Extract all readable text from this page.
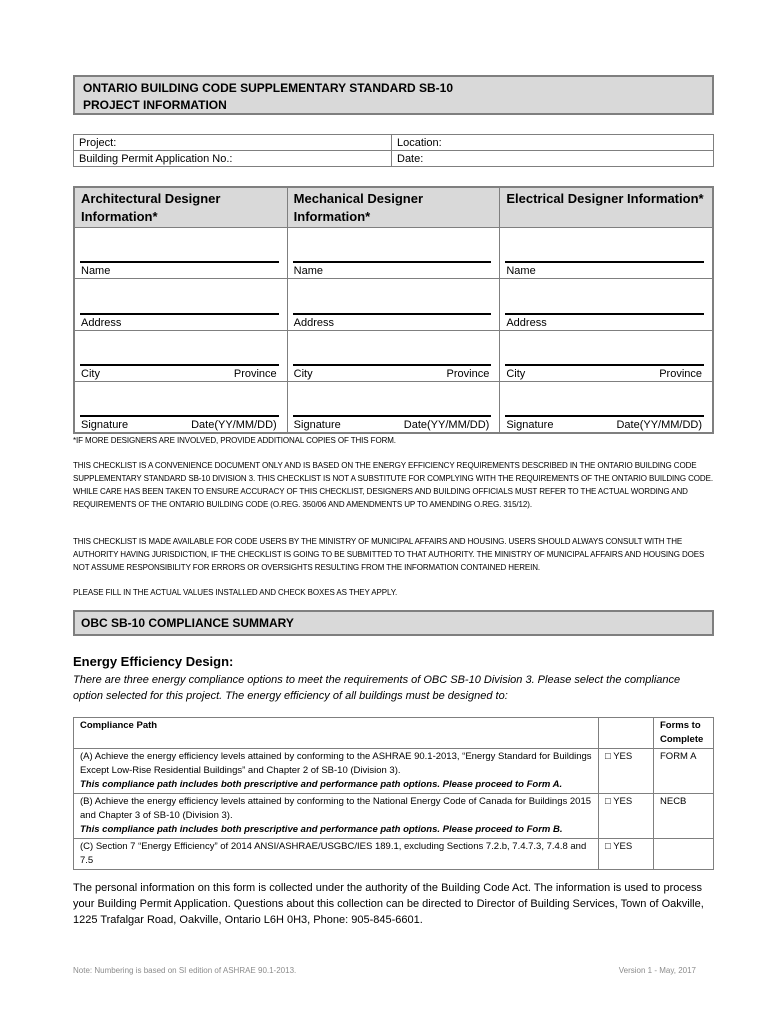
ONTARIO BUILDING CODE SUPPLEMENTARY STANDARD SB-10
PROJECT INFORMATION
Project:	Location:
Building Permit Application No.:	Date:
Architectural Designer Information*
Name
Address
City	Province
Signature	Date(YY/MM/DD)
Mechanical Designer Information*
Name
Address
City	Province
Signature	Date(YY/MM/DD)
Electrical Designer Information*
Name
Address
City	Province
Signature	Date(YY/MM/DD)
*IF MORE DESIGNERS ARE INVOLVED, PROVIDE ADDITIONAL COPIES OF THIS FORM.
THIS CHECKLIST IS A CONVENIENCE DOCUMENT ONLY AND IS BASED ON THE ENERGY EFFICIENCY REQUIREMENTS DESCRIBED IN THE ONTARIO BUILDING CODE SUPPLEMENTARY STANDARD SB-10 DIVISION 3. THIS CHECKLIST IS NOT A SUBSTITUTE FOR COMPLYING WITH THE REQUIREMENTS OF THE ONTARIO BUILDING CODE. WHILE CARE HAS BEEN TAKEN TO ENSURE ACCURACY OF THIS CHECKLIST, DESIGNERS AND BUILDING OFFICIALS MUST REFER TO THE ACTUAL WORDING AND REQUIREMENTS OF THE ONTARIO BUILDING CODE (O.REG. 350/06 AND AMENDMENTS UP TO AMENDING O.REG. 315/12).
THIS CHECKLIST IS MADE AVAILABLE FOR CODE USERS BY THE MINISTRY OF MUNICIPAL AFFAIRS AND HOUSING. USERS SHOULD ALWAYS CONSULT WITH THE AUTHORITY HAVING JURISDICTION, IF THE CHECKLIST IS GOING TO BE SUBMITTED TO THAT AUTHORITY. THE MINISTRY OF MUNICIPAL AFFAIRS AND HOUSING DOES NOT ASSUME RESPONSIBILITY FOR ERRORS OR OVERSIGHTS RESULTING FROM THE INFORMATION CONTAINED HEREIN.
PLEASE FILL IN THE ACTUAL VALUES INSTALLED AND CHECK BOXES AS THEY APPLY.
OBC SB-10 COMPLIANCE SUMMARY
Energy Efficiency Design:
There are three energy compliance options to meet the requirements of OBC SB-10 Division 3. Please select the compliance option selected for this project. The energy efficiency of all buildings must be designed to:
Compliance Path		Forms to Complete
(A) Achieve the energy efficiency levels attained by conforming to the ASHRAE 90.1-2013, “Energy Standard for Buildings Except Low-Rise Residential Buildings” and Chapter 2 of SB-10 (Division 3).
This compliance path includes both prescriptive and performance path options. Please proceed to Form A.	□ YES	FORM A
(B) Achieve the energy efficiency levels attained by conforming to the National Energy Code of Canada for Buildings 2015 and Chapter 3 of SB-10 (Division 3).
This compliance path includes both prescriptive and performance path options. Please proceed to Form B.	□ YES	NECB
(C) Section 7 “Energy Efficiency” of 2014 ANSI/ASHRAE/USGBC/IES 189.1, excluding Sections 7.2.b, 7.4.7.3, 7.4.8 and 7.5	□ YES	
The personal information on this form is collected under the authority of the Building Code Act. The information is used to process your Building Permit Application. Questions about this collection can be directed to Director of Building Services, Town of Oakville, 1225 Trafalgar Road, Oakville, Ontario L6H 0H3, Phone: 905-845-6601.
Note: Numbering is based on SI edition of ASHRAE 90.1-2013.	Version 1 - May, 2017
